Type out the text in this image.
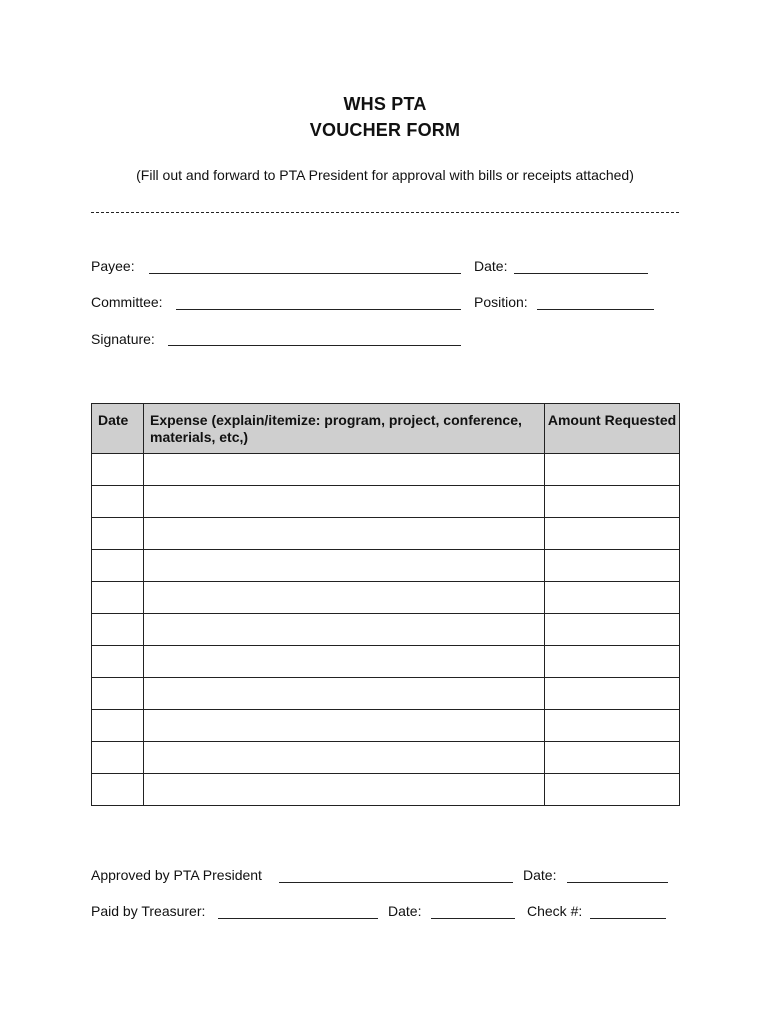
WHS PTA
VOUCHER FORM
(Fill out and forward to PTA President for approval with bills or receipts attached)
Payee:	Date:
Committee:	Position:
Signature:
Date	Expense (explain/itemize: program, project, conference, materials, etc,)	Amount Requested

Approved by PTA President	Date:
Paid by Treasurer:	Date:	Check #:
